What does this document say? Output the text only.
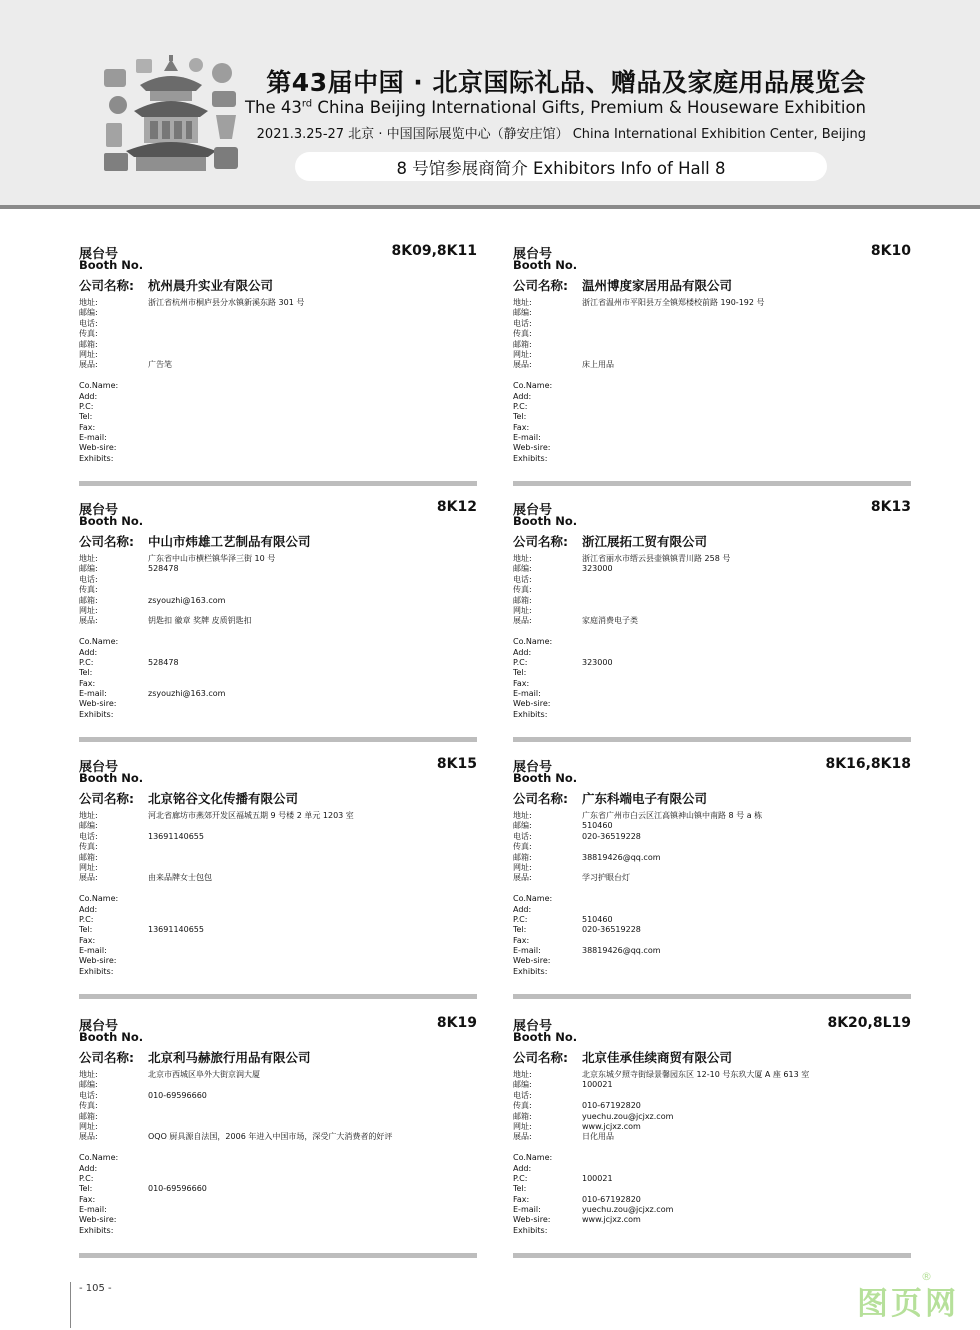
第43届中国 · 北京国际礼品、赠品及家庭用品展览会
The 43rd China Beijing International Gifts, Premium & Houseware Exhibition
2021.3.25-27 北京 · 中国国际展览中心（静安庄馆） China International Exhibition Center, Beijing
8 号馆参展商简介 Exhibitors Info of Hall 8
展台号
Booth No.
8K09,8K11
公司名称: 杭州晨升实业有限公司
地址:	浙江省杭州市桐庐县分水镇新溪东路 301 号
邮编:
电话:
传真:
邮箱:
网址:
展品:	广告笔
Co.Name:
Add:
P.C:
Tel:
Fax:
E-mail:
Web-sire:
Exhibits:
展台号
Booth No.
8K10
公司名称: 温州博度家居用品有限公司
地址:	浙江省温州市平阳县万全镇郑楼校前路 190-192 号
邮编:
电话:
传真:
邮箱:
网址:
展品:	床上用品
Co.Name:
Add:
P.C:
Tel:
Fax:
E-mail:
Web-sire:
Exhibits:
展台号
Booth No.
8K12
公司名称: 中山市炜雄工艺制品有限公司
地址:	广东省中山市横栏镇华泽三街 10 号
邮编:	528478
电话:
传真:
邮箱:	zsyouzhi@163.com
网址:
展品:	钥匙扣 徽章 奖牌 皮质钥匙扣
Co.Name:
Add:
P.C:	528478
Tel:
Fax:
E-mail:	zsyouzhi@163.com
Web-sire:
Exhibits:
展台号
Booth No.
8K13
公司名称: 浙江展拓工贸有限公司
地址:	浙江省丽水市缙云县壶镇镇青川路 258 号
邮编:	323000
电话:
传真:
邮箱:
网址:
展品:	家庭消费电子类
Co.Name:
Add:
P.C:	323000
Tel:
Fax:
E-mail:
Web-sire:
Exhibits:
展台号
Booth No.
8K15
公司名称: 北京铭谷文化传播有限公司
地址:	河北省廊坊市燕郊开发区福城五期 9 号楼 2 单元 1203 室
邮编:
电话:	13691140655
传真:
邮箱:
网址:
展品:	由来品牌女士包包
Co.Name:
Add:
P.C:
Tel:	13691140655
Fax:
E-mail:
Web-sire:
Exhibits:
展台号
Booth No.
8K16,8K18
公司名称: 广东科端电子有限公司
地址:	广东省广州市白云区江高镇神山镇中南路 8 号 a 栋
邮编:	510460
电话:	020-36519228
传真:
邮箱:	38819426@qq.com
网址:
展品:	学习护眼台灯
Co.Name:
Add:
P.C:	510460
Tel:	020-36519228
Fax:
E-mail:	38819426@qq.com
Web-sire:
Exhibits:
展台号
Booth No.
8K19
公司名称: 北京利马赫旅行用品有限公司
地址:	北京市西城区阜外大街京润大厦
邮编:
电话:	010-69596660
传真:
邮箱:
网址:
展品:	OQO 厨具源自法国，2006 年进入中国市场，深受广大消费者的好评
Co.Name:
Add:
P.C:
Tel:	010-69596660
Fax:
E-mail:
Web-sire:
Exhibits:
展台号
Booth No.
8K20,8L19
公司名称: 北京佳承佳续商贸有限公司
地址:	北京东城夕照寺街绿景馨园东区 12-10 号东玖大厦 A 座 613 室
邮编:	100021
电话:
传真:	010-67192820
邮箱:	yuechu.zou@jcjxz.com
网址:	www.jcjxz.com
展品:	日化用品
Co.Name:
Add:
P.C:	100021
Tel:
Fax:	010-67192820
E-mail:	yuechu.zou@jcjxz.com
Web-sire:	www.jcjxz.com
Exhibits:
- 105 -	图页网
®
